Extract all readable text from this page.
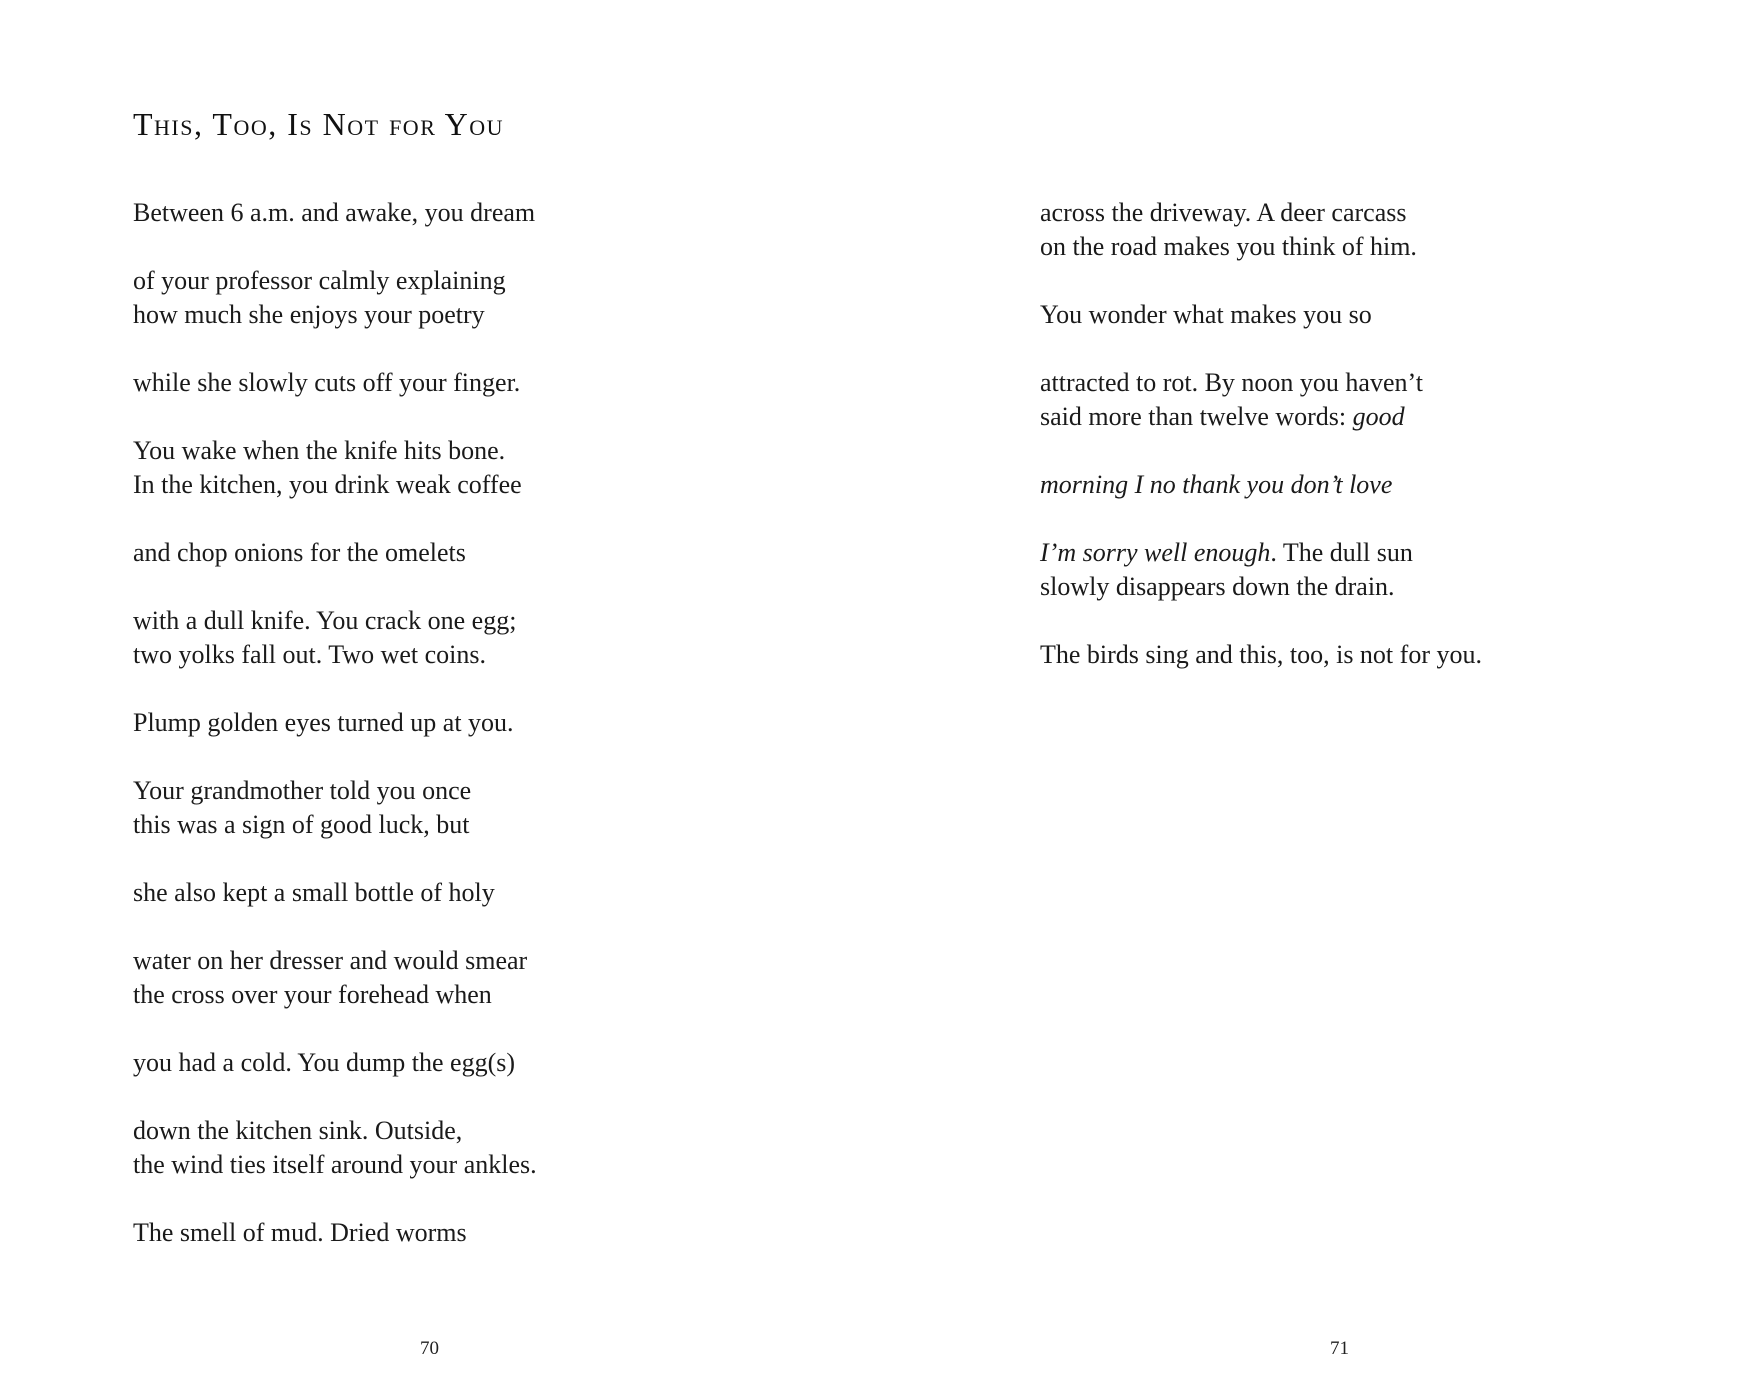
This, Too, Is Not for You
Between 6 a.m. and awake, you dream
of your professor calmly explaining
how much she enjoys your poetry
while she slowly cuts off your finger.
You wake when the knife hits bone.
In the kitchen, you drink weak coffee
and chop onions for the omelets
with a dull knife. You crack one egg;
two yolks fall out. Two wet coins.
Plump golden eyes turned up at you.
Your grandmother told you once
this was a sign of good luck, but
she also kept a small bottle of holy
water on her dresser and would smear
the cross over your forehead when
you had a cold. You dump the egg(s)
down the kitchen sink. Outside,
the wind ties itself around your ankles.
The smell of mud. Dried worms
70
across the driveway. A deer carcass
on the road makes you think of him.
You wonder what makes you so
attracted to rot. By noon you haven’t
said more than twelve words: good
morning I no thank you don’t love
I’m sorry well enough. The dull sun
slowly disappears down the drain.
The birds sing and this, too, is not for you.
71
